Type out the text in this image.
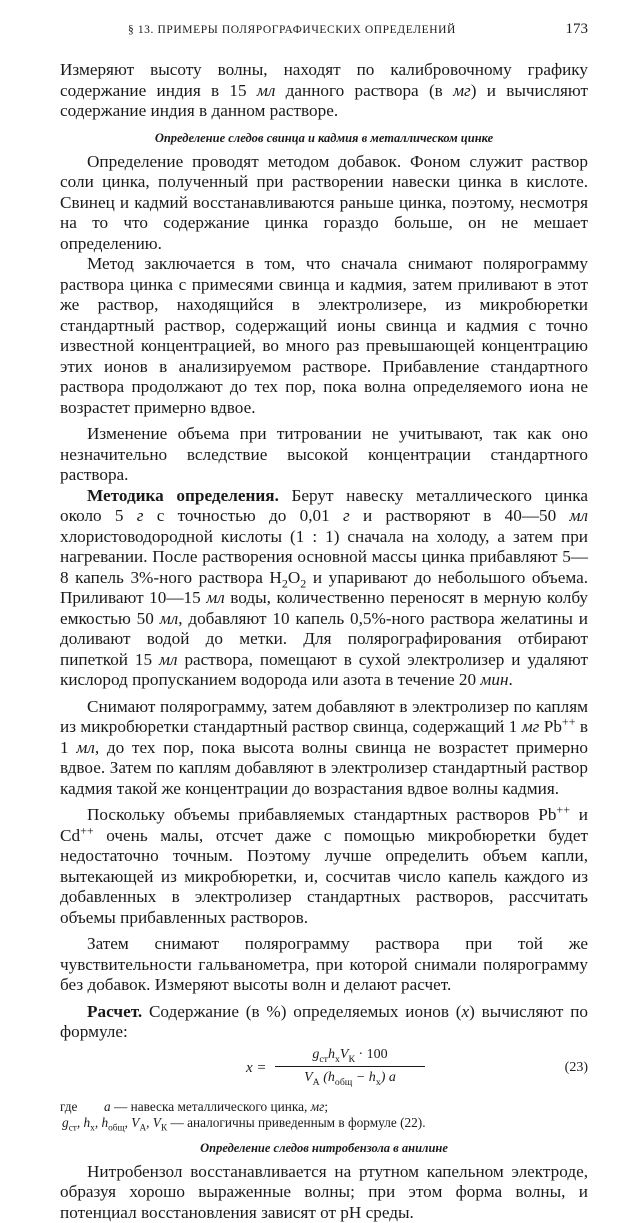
§ 13. ПРИМЕРЫ ПОЛЯРОГРАФИЧЕСКИХ ОПРЕДЕЛЕНИЙ	173

Измеряют высоту волны, находят по калибровочному графику содержание индия в 15 мл данного раствора (в мг) и вычисляют содержание индия в данном растворе.

Определение следов свинца и кадмия в металлическом цинке

Определение проводят методом добавок. Фоном служит раствор соли цинка, полученный при растворении навески цинка в кислоте. Свинец и кадмий восстанавливаются раньше цинка, поэтому, несмотря на то что содержание цинка гораздо больше, он не мешает определению.

Метод заключается в том, что сначала снимают полярограмму раствора цинка с примесями свинца и кадмия, затем приливают в этот же раствор, находящийся в электролизере, из микробюретки стандартный раствор, содержащий ионы свинца и кадмия с точно известной концентрацией, во много раз превышающей концентрацию этих ионов в анализируемом растворе. Прибавление стандартного раствора продолжают до тех пор, пока волна определяемого иона не возрастет примерно вдвое.

Изменение объема при титровании не учитывают, так как оно незначительно вследствие высокой концентрации стандартного раствора.

Методика определения. Берут навеску металлического цинка около 5 г с точностью до 0,01 г и растворяют в 40—50 мл хлористоводородной кислоты (1 : 1) сначала на холоду, а затем при нагревании. После растворения основной массы цинка прибавляют 5—8 капель 3%-ного раствора $H_2O_2$ и упаривают до небольшого объема. Приливают 10—15 мл воды, количественно переносят в мерную колбу емкостью 50 мл, добавляют 10 капель 0,5%-ного раствора желатины и доливают водой до метки. Для полярографирования отбирают пипеткой 15 мл раствора, помещают в сухой электролизер и удаляют кислород пропусканием водорода или азота в течение 20 мин.

Снимают полярограмму, затем добавляют в электролизер по каплям из микробюретки стандартный раствор свинца, содержащий 1 мг Pb++ в 1 мл, до тех пор, пока высота волны свинца не возрастет примерно вдвое. Затем по каплям добавляют в электролизер стандартный раствор кадмия такой же концентрации до возрастания вдвое волны кадмия.

Поскольку объемы прибавляемых стандартных растворов Pb++ и Cd++ очень малы, отсчет даже с помощью микробюретки будет недостаточно точным. Поэтому лучше определить объем капли, вытекающей из микробюретки, и, сосчитав число капель каждого из добавленных в электролизер стандартных растворов, рассчитать объемы прибавленных растворов.

Затем снимают полярограмму раствора при той же чувствительности гальванометра, при которой снимали полярограмму без добавок. Измеряют высоты волн и делают расчет.

Расчет. Содержание (в %) определяемых ионов (x) вычисляют по формуле:

x =
$g_{ст}h_xV_К \cdot 100$
$V_A$ $(h_{общ} - h_x)$ a
(23)
где a — навеска металлического цинка, мг;
$g_{ст}$, $h_x$, $h_{общ}$, $V_A$, $V_К$ — аналогичны приведенным в формуле (22).
Определение следов нитробензола в анилине

Нитробензол восстанавливается на ртутном капельном электроде, образуя хорошо выраженные волны; при этом форма волны, и потенциал восстановления зависят от pH среды.
